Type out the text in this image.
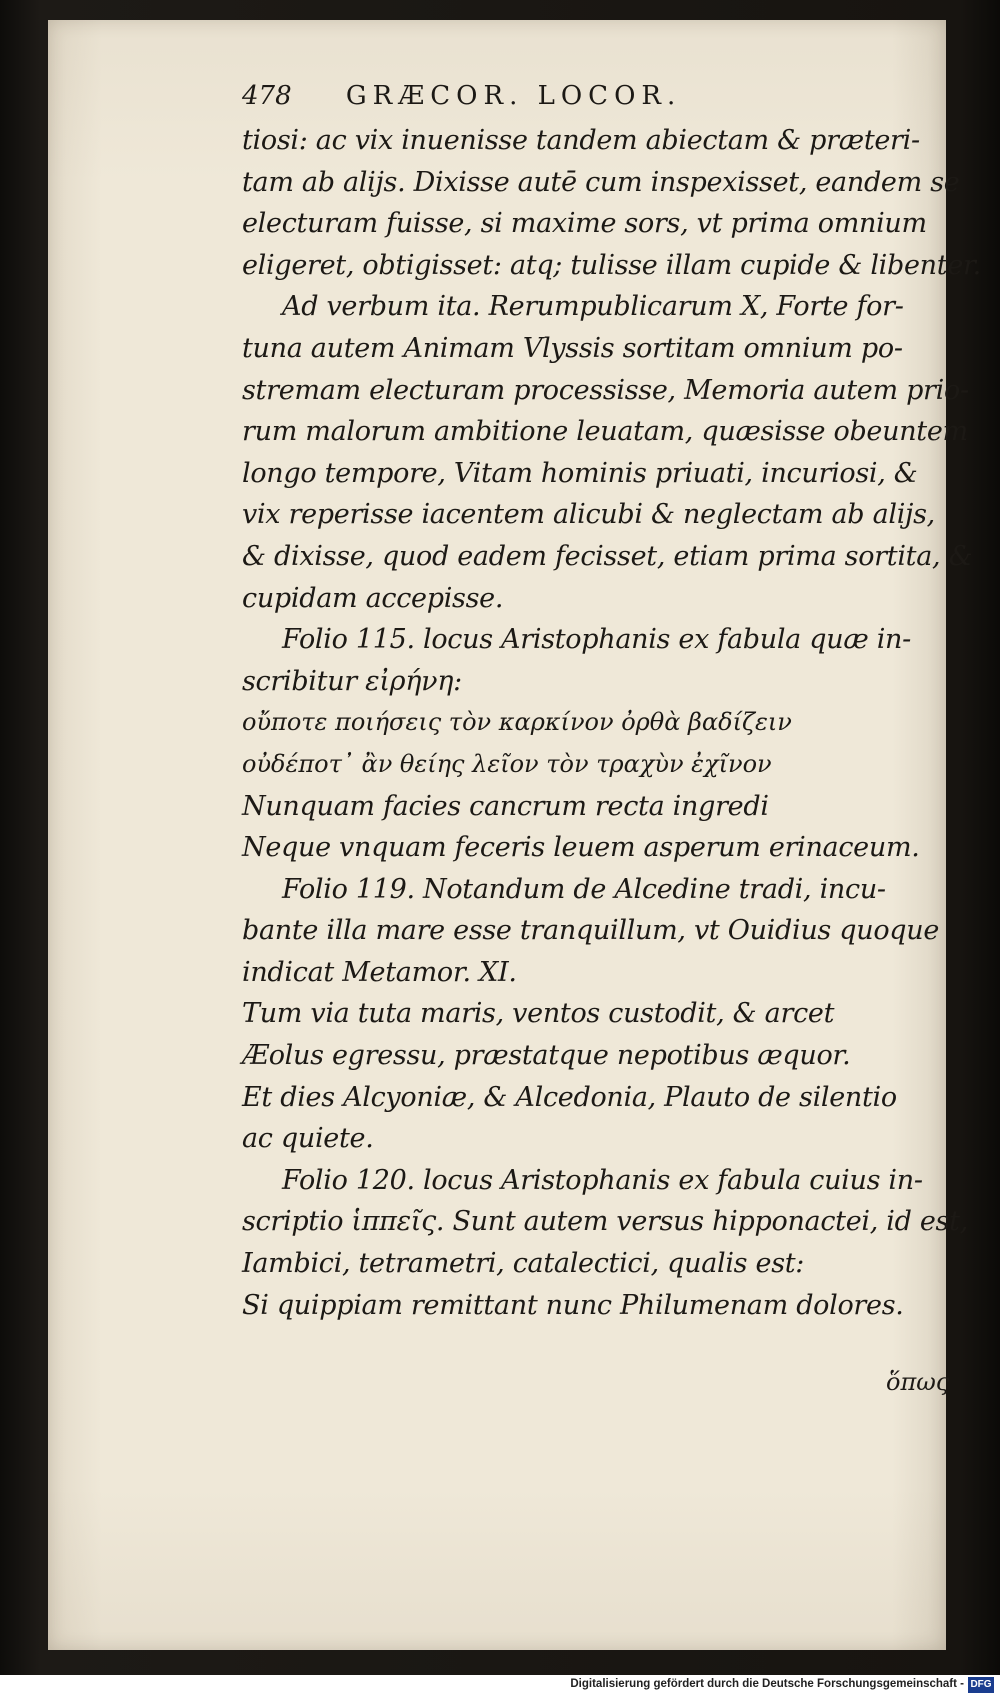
478 GRÆCOR. LOCOR.
tiosi: ac vix inuenisse tandem abiectam & præteri-
tam ab alijs. Dixisse autē cum inspexisset, eandem se
electuram fuisse, si maxime sors, vt prima omnium
eligeret, obtigisset: atq; tulisse illam cupide & libenter.
Ad verbum ita. Rerumpublicarum X, Forte for-
tuna autem Animam Vlyssis sortitam omnium po-
stremam electuram processisse, Memoria autem prio-
rum malorum ambitione leuatam, quæsisse obeuntem
longo tempore, Vitam hominis priuati, incuriosi, &
vix reperisse iacentem alicubi & neglectam ab alijs,
& dixisse, quod eadem fecisset, etiam prima sortita, &
cupidam accepisse.
Folio 115. locus Aristophanis ex fabula quæ in-
scribitur εἰρήνη:
οὔποτε ποιήσεις τὸν καρκίνον ὀρθὰ βαδίζειν
οὐδέποτ᾽ ἂν θείης λεῖον τὸν τραχὺν ἐχῖνον
Nunquam facies cancrum recta ingredi
Neque vnquam feceris leuem asperum erinaceum.
Folio 119. Notandum de Alcedine tradi, incu-
bante illa mare esse tranquillum, vt Ouidius quoque
indicat Metamor. XI.
Tum via tuta maris, ventos custodit, & arcet
Æolus egressu, præstatque nepotibus æquor.
Et dies Alcyoniæ, & Alcedonia, Plauto de silentio
ac quiete.
Folio 120. locus Aristophanis ex fabula cuius in-
scriptio ἱππεῖς. Sunt autem versus hipponactei, id est,
Iambici, tetrametri, catalectici, qualis est:
Si quippiam remittant nunc Philumenam dolores.
ὅπως
Digitalisierung gefördert durch die Deutsche Forschungsgemeinschaft - DFG
